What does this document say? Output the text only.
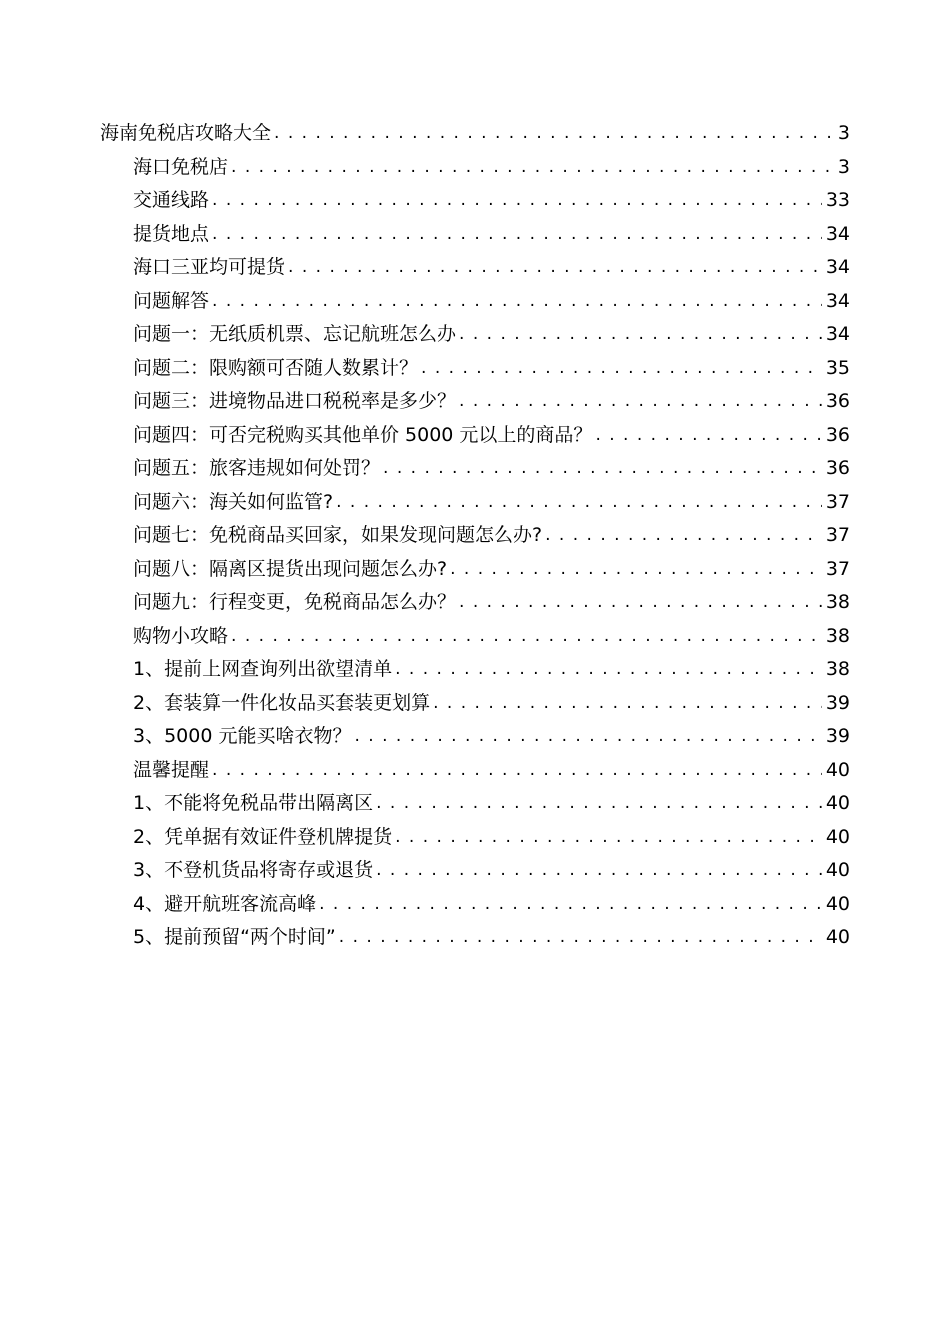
海南免税店攻略大全 . . .	3
海口免税店 . . .	3
交通线路 . . .	33
提货地点 . . .	34
海口三亚均可提货 . . .	34
问题解答 . . .	34
问题一：无纸质机票、忘记航班怎么办 . . .	34
问题二：限购额可否随人数累计？ . . .	35
问题三：进境物品进口税税率是多少？ . . .	36
问题四：可否完税购买其他单价 5000 元以上的商品？ . . .	36
问题五：旅客违规如何处罚？ . . .	36
问题六：海关如何监管? . . .	37
问题七：免税商品买回家，如果发现问题怎么办? . . .	37
问题八：隔离区提货出现问题怎么办? . . .	37
问题九：行程变更，免税商品怎么办？ . . .	38
购物小攻略 . . .	38
1、提前上网查询列出欲望清单 . . .	38
2、套装算一件化妆品买套装更划算 . . .	39
3、5000 元能买啥衣物？ . . .	39
温馨提醒 . . .	40
1、不能将免税品带出隔离区 . . .	40
2、凭单据有效证件登机牌提货 . . .	40
3、不登机货品将寄存或退货 . . .	40
4、避开航班客流高峰 . . .	40
5、提前预留“两个时间” . . .	40
